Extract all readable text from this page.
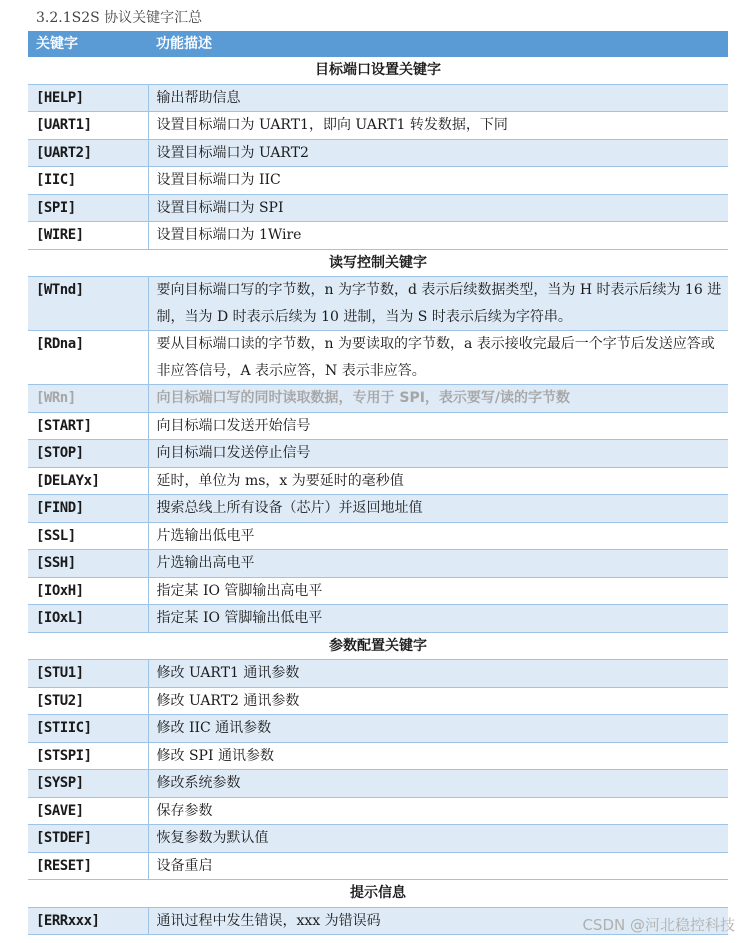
3.2.1S2S 协议关键字汇总
关键字	功能描述
目标端口设置关键字	
[HELP]	输出帮助信息
[UART1]	设置目标端口为 UART1，即向 UART1 转发数据，下同
[UART2]	设置目标端口为 UART2
[IIC]	设置目标端口为 IIC
[SPI]	设置目标端口为 SPI
[WIRE]	设置目标端口为 1Wire
读写控制关键字	
[WTnd]	要向目标端口写的字节数，n 为字节数，d 表示后续数据类型，当为 H 时表示后续为 16 进制，当为 D 时表示后续为 10 进制，当为 S 时表示后续为字符串。
[RDna]	要从目标端口读的字节数，n 为要读取的字节数，a 表示接收完最后一个字节后发送应答或非应答信号，A 表示应答，N 表示非应答。
[WRn]	向目标端口写的同时读取数据，专用于 SPI，表示要写/读的字节数
[START]	向目标端口发送开始信号
[STOP]	向目标端口发送停止信号
[DELAYx]	延时，单位为 ms，x 为要延时的毫秒值
[FIND]	搜索总线上所有设备（芯片）并返回地址值
[SSL]	片选输出低电平
[SSH]	片选输出高电平
[IOxH]	指定某 IO 管脚输出高电平
[IOxL]	指定某 IO 管脚输出低电平
参数配置关键字	
[STU1]	修改 UART1 通讯参数
[STU2]	修改 UART2 通讯参数
[STIIC]	修改 IIC 通讯参数
[STSPI]	修改 SPI 通讯参数
[SYSP]	修改系统参数
[SAVE]	保存参数
[STDEF]	恢复参数为默认值
[RESET]	设备重启
提示信息	
[ERRxxx]	通讯过程中发生错误，xxx 为错误码	CSDN @河北稳控科技
